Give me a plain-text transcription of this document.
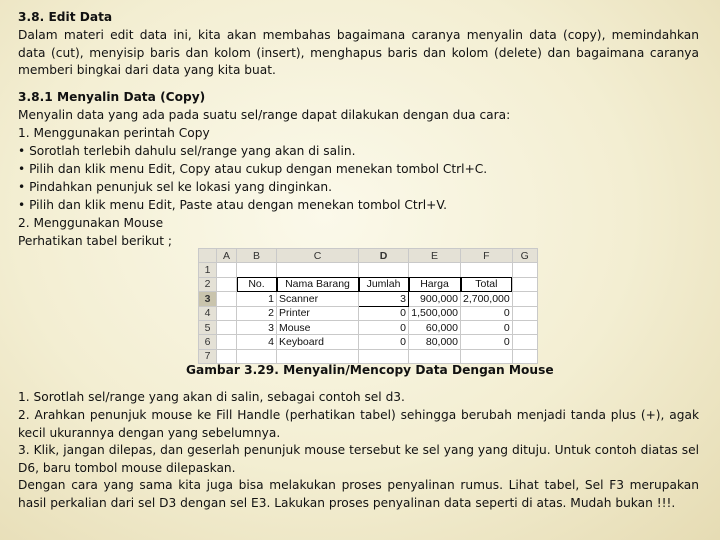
3.8. Edit Data
Dalam materi edit data ini, kita akan membahas bagaimana caranya menyalin data (copy), memindahkan data (cut), menyisip baris dan kolom (insert), menghapus baris dan kolom (delete) dan bagaimana caranya memberi bingkai dari data yang kita buat.
3.8.1 Menyalin Data (Copy)
Menyalin data yang ada pada suatu sel/range dapat dilakukan dengan dua cara:
1. Menggunakan perintah Copy
• Sorotlah terlebih dahulu sel/range yang akan di salin.
• Pilih dan klik menu Edit, Copy atau cukup dengan menekan tombol Ctrl+C.
• Pindahkan penunjuk sel ke lokasi yang dinginkan.
• Pilih dan klik menu Edit, Paste atau dengan menekan tombol Ctrl+V.
2. Menggunakan Mouse
Perhatikan tabel berikut ;
	A	B	C	D	E	F	G
1							
2		No.	Nama Barang	Jumlah	Harga	Total	
3		1	Scanner	3	900,000	2,700,000	
4		2	Printer	0	1,500,000	0	
5		3	Mouse	0	60,000	0	
6		4	Keyboard	0	80,000	0	
7							
Gambar 3.29. Menyalin/Mencopy Data Dengan Mouse
1. Sorotlah sel/range yang akan di salin, sebagai contoh sel d3.
2. Arahkan penunjuk mouse ke Fill Handle (perhatikan tabel) sehingga berubah menjadi tanda plus (+), agak kecil ukurannya dengan yang sebelumnya.
3. Klik, jangan dilepas, dan geserlah penunjuk mouse tersebut ke sel yang yang dituju. Untuk contoh diatas sel D6, baru tombol mouse dilepaskan.
Dengan cara yang sama kita juga bisa melakukan proses penyalinan rumus. Lihat tabel, Sel F3 merupakan hasil perkalian dari sel D3 dengan sel E3. Lakukan proses penyalinan data seperti di atas. Mudah bukan !!!.
